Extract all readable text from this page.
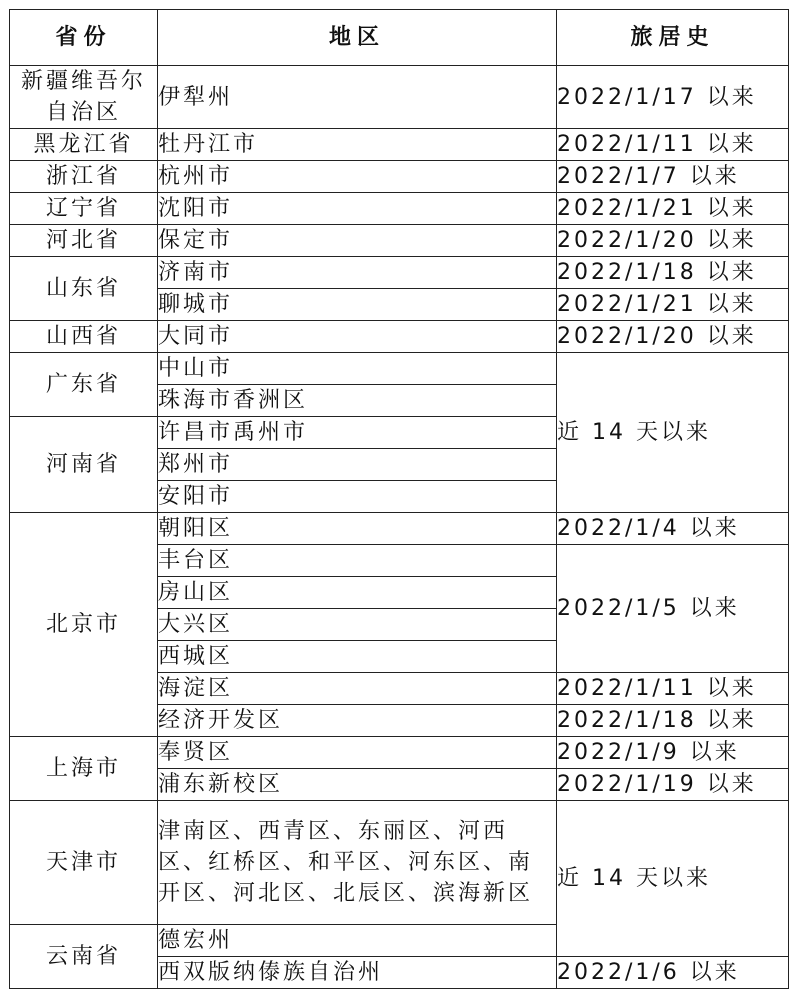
省份	地区	旅居史
新疆维吾尔自治区	伊犁州	2022/1/17 以来
黑龙江省	牡丹江市	2022/1/11 以来
浙江省	杭州市	2022/1/7 以来
辽宁省	沈阳市	2022/1/21 以来
河北省	保定市	2022/1/20 以来
山东省	济南市	2022/1/18 以来
	聊城市	2022/1/21 以来
山西省	大同市	2022/1/20 以来
广东省	中山市	近 14 天以来
	珠海市香洲区	
河南省	许昌市禹州市	
	郑州市	
	安阳市	
北京市	朝阳区	2022/1/4 以来
	丰台区	2022/1/5 以来
	房山区	
	大兴区	
	西城区	
	海淀区	2022/1/11 以来
	经济开发区	2022/1/18 以来
上海市	奉贤区	2022/1/9 以来
	浦东新校区	2022/1/19 以来
天津市	津南区、西青区、东丽区、河西区、红桥区、和平区、河东区、南开区、河北区、北辰区、滨海新区	近 14 天以来
云南省	德宏州	
	西双版纳傣族自治州	2022/1/6 以来
